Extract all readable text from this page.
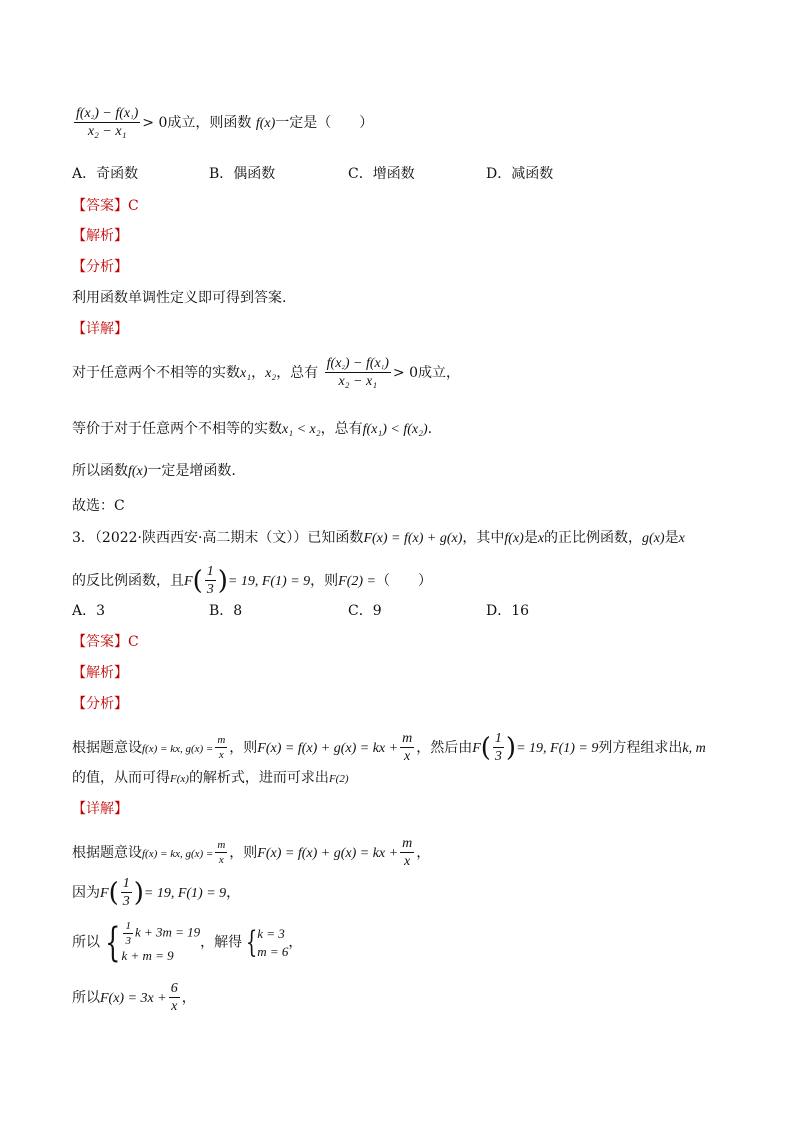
$\frac{\text{f(x₂) − f(x₁)}}{\text{x₂ − x₁}} > 0$成立，则函数 f(x)一定是（　　）
A．奇函数	B．偶函数	C．增函数	D．减函数
【答案】C
【解析】
【分析】
利用函数单调性定义即可得到答案.
【详解】
对于任意两个不相等的实数x₁，x₂，总有 $\frac{\text{f(x₂) − f(x₁)}}{\text{x₂ − x₁}} > 0$成立，
等价于对于任意两个不相等的实数x₁ < x₂，总有f(x₁) < f(x₂).
所以函数f(x)一定是增函数.
故选：C
3．（2022·陕西西安·高二期末（文））已知函数F(x) = f(x) + g(x)，其中f(x)是x的正比例函数，g(x)是x
的反比例函数，且$F( \frac{1}{3}$ )= 19, F(1) = 9，则F(2) =（　　）
A．3	B．8	C．9	D．16
【答案】C
【解析】
【分析】
根据题意设f(x) = kx, $g(x) = \frac{m}{x}$ ，则F(x) = f(x) + g(x) = kx + $\frac{m}{x}$ ，然后由$F( \frac{1}{3}$ )= 19, F(1) = 9列方程组求出k, m
的值，从而可得F(x)的解析式，进而可求出F(2)
【详解】
根据题意设f(x) = kx, $g(x) = \frac{m}{x}$ ，则F(x) = f(x) + g(x) = kx + $\frac{m}{x}$ ，
因为$F( \frac{1}{3}$ )= 19, F(1) = 9，
所以 { $\frac{1}{3}$ k + 3m = 19
k + m = 9
，解得 { k = 3
m = 6
，
所以$F(x) = 3x + \frac{6}{x}$ ，
